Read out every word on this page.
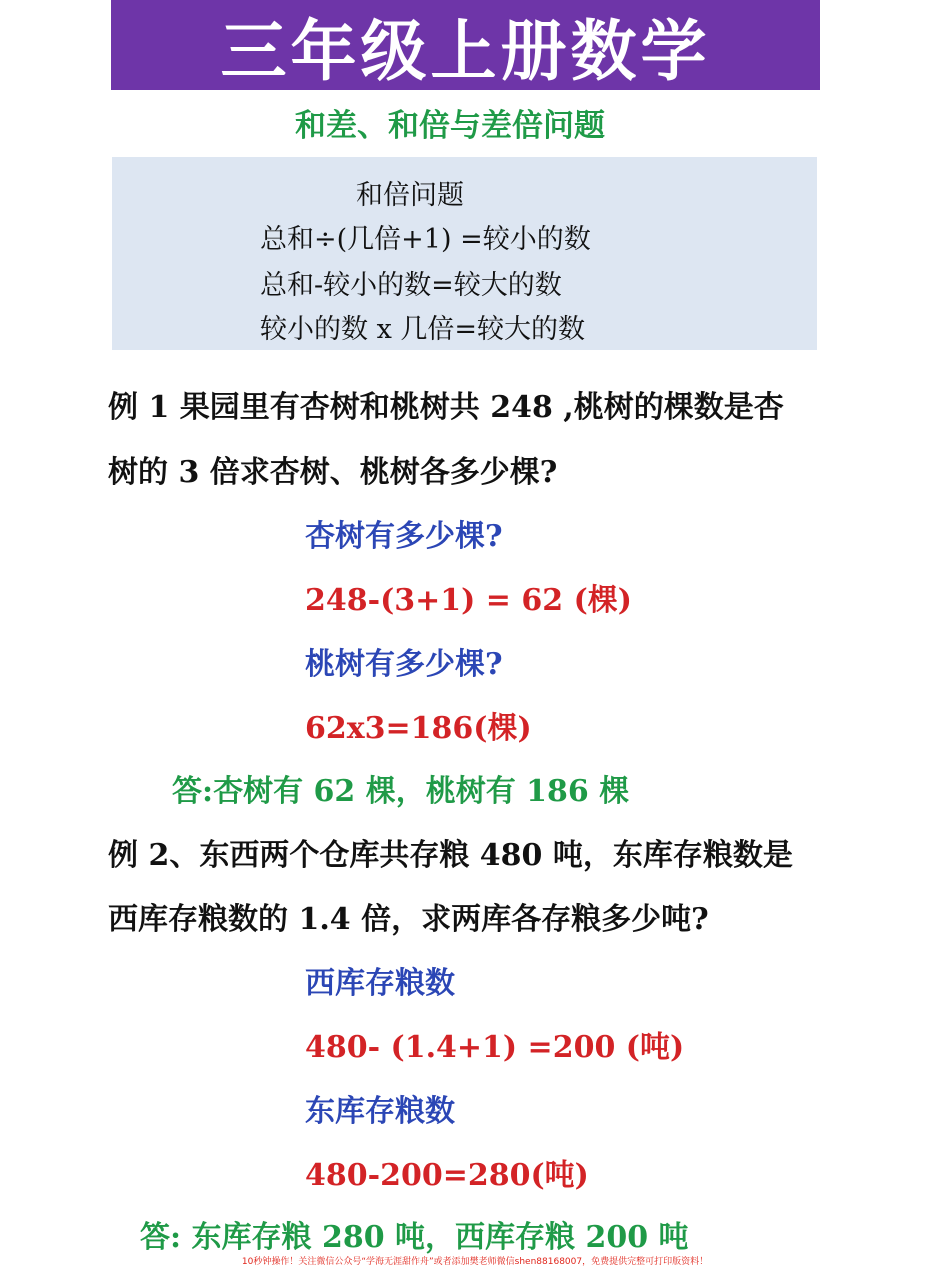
三年级上册数学
和差、和倍与差倍问题
和倍问题
总和÷(几倍+1) =较小的数
总和-较小的数=较大的数
较小的数 x 几倍=较大的数
例 1 果园里有杏树和桃树共 248 ,桃树的棵数是杏
树的 3 倍求杏树、桃树各多少棵?
杏树有多少棵?
248-(3+1) = 62 (棵)
桃树有多少棵?
62x3=186(棵)
答:杏树有 62 棵，桃树有 186 棵
例 2、东西两个仓库共存粮 480 吨，东库存粮数是
西库存粮数的 1.4 倍，求两库各存粮多少吨?
西库存粮数
480- (1.4+1) =200 (吨)
东库存粮数
480-200=280(吨)
答: 东库存粮 280 吨，西库存粮 200 吨
10秒钟操作！关注微信公众号“学海无涯甜作舟”或者添加樊老师微信shen88168007，免费提供完整可打印版资料！
